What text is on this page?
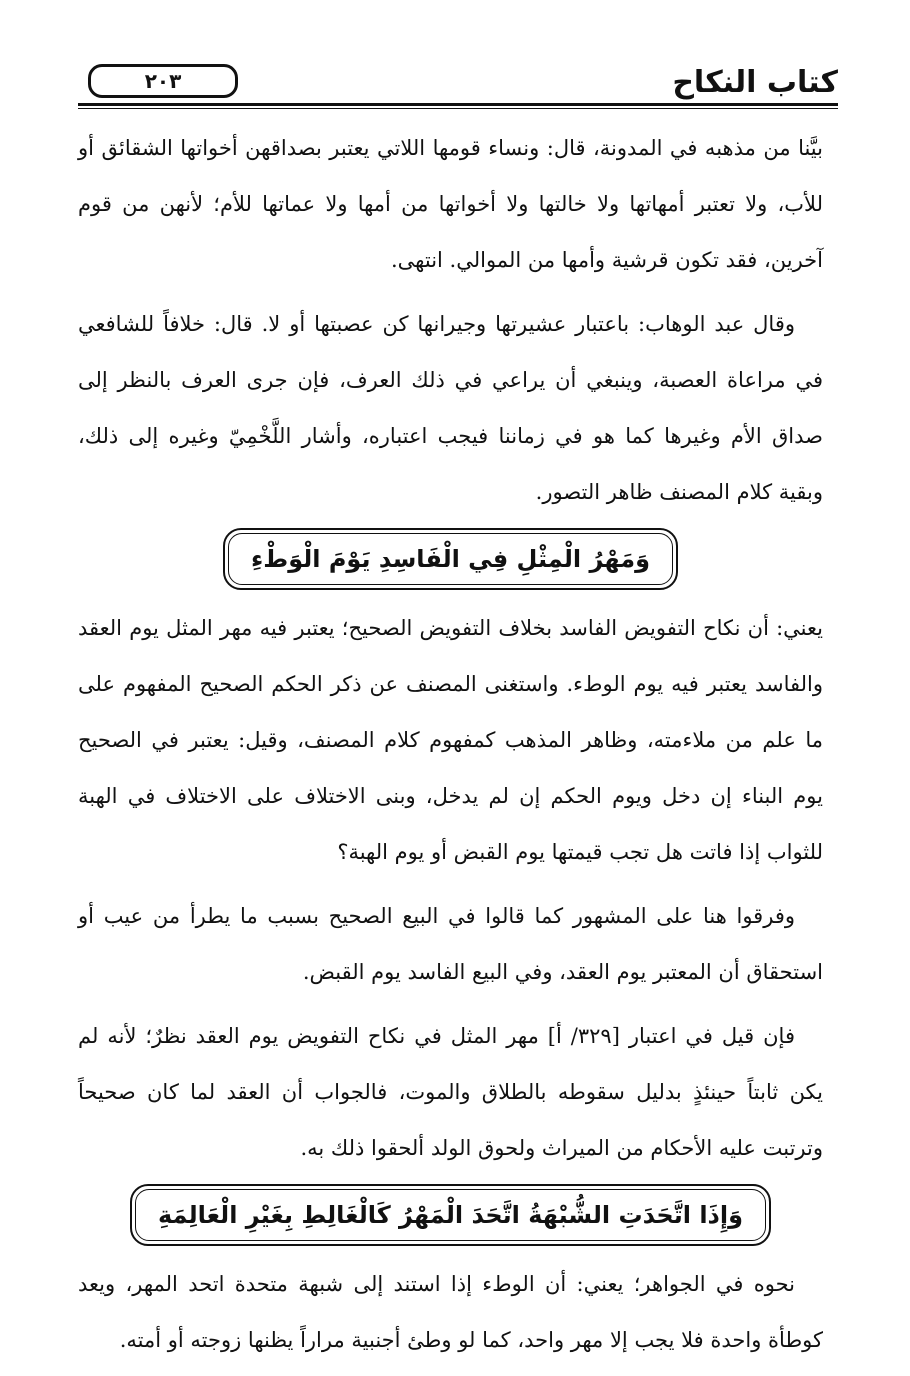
كتاب النكاح
٢٠٣

بيَّنا من مذهبه في المدونة، قال: ونساء قومها اللاتي يعتبر بصداقهن أخواتها الشقائق أو للأب، ولا تعتبر أمهاتها ولا خالتها ولا أخواتها من أمها ولا عماتها للأم؛ لأنهن من قوم آخرين، فقد تكون قرشية وأمها من الموالي. انتهى.

وقال عبد الوهاب: باعتبار عشيرتها وجيرانها كن عصبتها أو لا. قال: خلافاً للشافعي في مراعاة العصبة، وينبغي أن يراعي في ذلك العرف، فإن جرى العرف بالنظر إلى صداق الأم وغيرها كما هو في زماننا فيجب اعتباره، وأشار اللَّخْمِيّ وغيره إلى ذلك، وبقية كلام المصنف ظاهر التصور.

وَمَهْرُ الْمِثْلِ فِي الْفَاسِدِ يَوْمَ الْوَطْءِ

يعني: أن نكاح التفويض الفاسد بخلاف التفويض الصحيح؛ يعتبر فيه مهر المثل يوم العقد والفاسد يعتبر فيه يوم الوطء. واستغنى المصنف عن ذكر الحكم الصحيح المفهوم على ما علم من ملاءمته، وظاهر المذهب كمفهوم كلام المصنف، وقيل: يعتبر في الصحيح يوم البناء إن دخل ويوم الحكم إن لم يدخل، وبنى الاختلاف على الاختلاف في الهبة للثواب إذا فاتت هل تجب قيمتها يوم القبض أو يوم الهبة؟

وفرقوا هنا على المشهور كما قالوا في البيع الصحيح بسبب ما يطرأ من عيب أو استحقاق أن المعتبر يوم العقد، وفي البيع الفاسد يوم القبض.

فإن قيل في اعتبار [٣٢٩/ أ] مهر المثل في نكاح التفويض يوم العقد نظرٌ؛ لأنه لم يكن ثابتاً حينئذٍ بدليل سقوطه بالطلاق والموت، فالجواب أن العقد لما كان صحيحاً وترتبت عليه الأحكام من الميراث ولحوق الولد ألحقوا ذلك به.

وَإِذَا اتَّحَدَتِ الشُّبْهَةُ اتَّحَدَ الْمَهْرُ كَالْغَالِطِ بِغَيْرِ الْعَالِمَةِ

نحوه في الجواهر؛ يعني: أن الوطء إذا استند إلى شبهة متحدة اتحد المهر، ويعد كوطأة واحدة فلا يجب إلا مهر واحد، كما لو وطئ أجنبية مراراً يظنها زوجته أو أمته.
